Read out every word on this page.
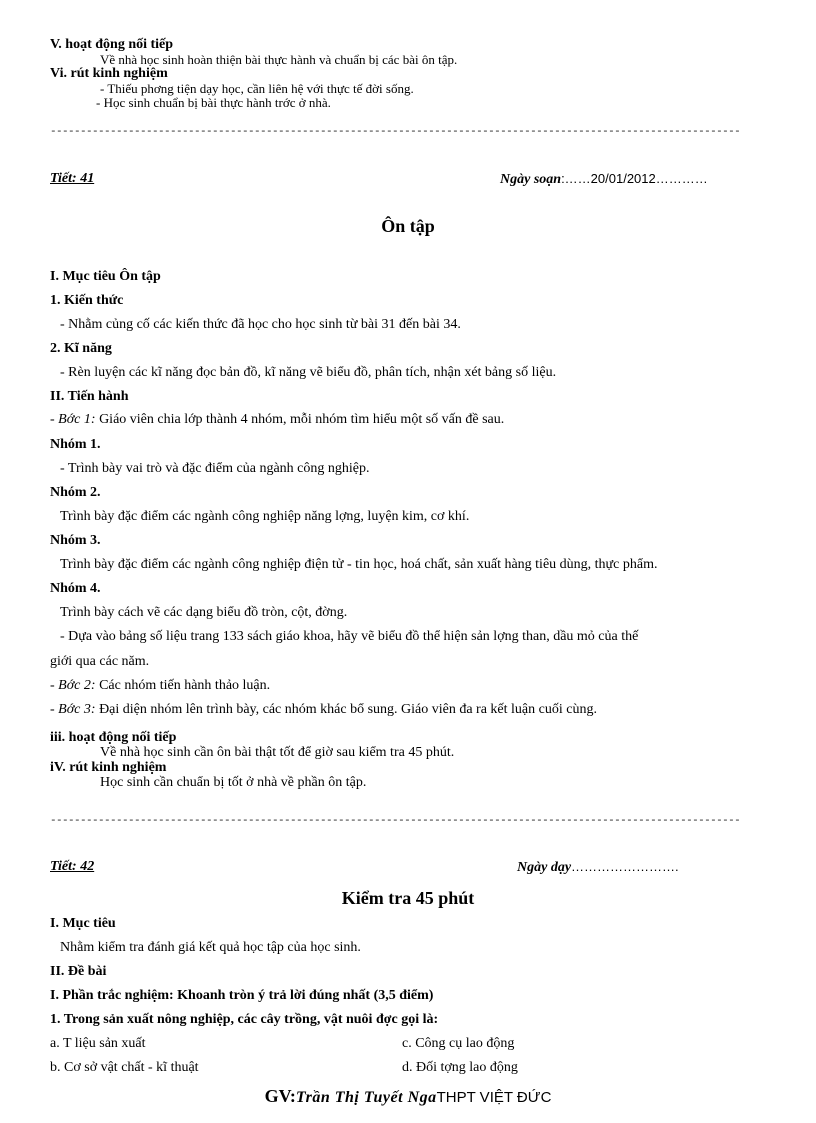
V. hoạt động nối tiếp
Về nhà học sinh hoàn thiện bài thực hành và chuẩn bị các bài ôn tập.
Vi. rút kinh nghiệm
- Thiếu phơng tiện dạy học, cần liên hệ với thực tế đời sống.
- Học sinh chuẩn bị bài thực hành trớc ở nhà.
-------------------------------------------------------------------------------------------------------------------
Tiết: 41	Ngày soạn:……20/01/2012…………
Ôn tập
I. Mục tiêu Ôn tập
1. Kiến thức
- Nhằm củng cố các kiến thức đã học cho học sinh từ bài 31 đến bài 34.
2. Kĩ năng
- Rèn luyện các kĩ năng đọc bản đồ, kĩ năng vẽ biểu đồ, phân tích, nhận xét bảng số liệu.
II. Tiến hành
- Bớc 1: Giáo viên chia lớp thành 4 nhóm, mỗi nhóm tìm hiểu một số vấn đề sau.
Nhóm 1.
- Trình bày vai trò và đặc điểm của ngành công nghiệp.
Nhóm 2.
Trình bày đặc điểm các ngành công nghiệp năng lợng, luyện kim, cơ khí.
Nhóm 3.
Trình bày đặc điểm các ngành công nghiệp điện tử - tin học, hoá chất, sản xuất hàng tiêu dùng, thực phẩm.
Nhóm 4.
Trình bày cách vẽ các dạng biểu đồ tròn, cột, đờng.
- Dựa vào bảng số liệu trang 133 sách giáo khoa, hãy vẽ biểu đồ thể hiện sản lợng than, dầu mỏ của thế
giới qua các năm.
- Bớc 2: Các nhóm tiến hành thảo luận.
- Bớc 3: Đại diện nhóm lên trình bày, các nhóm khác bổ sung. Giáo viên đa ra kết luận cuối cùng.
iii. hoạt động nối tiếp
Về nhà học sinh cần ôn bài thật tốt để giờ sau kiểm tra 45 phút.
iV. rút kinh nghiệm
Học sinh cần chuẩn bị tốt ở nhà về phần ôn tập.
-------------------------------------------------------------------------------------------------------------------
Tiết: 42	Ngày dạy…………………….
Kiểm tra 45 phút
I. Mục tiêu
Nhằm kiểm tra đánh giá kết quả học tập của học sinh.
II. Đề bài
I. Phần trắc nghiệm: Khoanh tròn ý trả lời đúng nhất (3,5 điểm)
1. Trong sản xuất nông nghiệp, các cây trồng, vật nuôi đợc gọi là:
a. T liệu sản xuất	c. Công cụ lao động
b. Cơ sở vật chất - kĩ thuật	d. Đối tợng lao động
GV:Trần Thị Tuyết NgaTHPT VIỆT ĐỨC
